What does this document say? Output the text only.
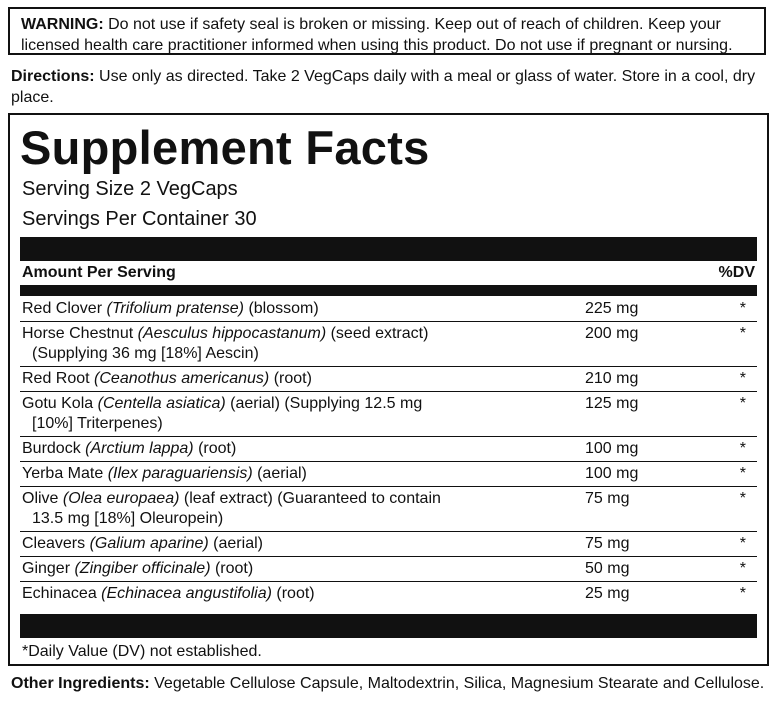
WARNING: Do not use if safety seal is broken or missing. Keep out of reach of children. Keep your licensed health care practitioner informed when using this product. Do not use if pregnant or nursing.
Directions: Use only as directed. Take 2 VegCaps daily with a meal or glass of water. Store in a cool, dry place.
Supplement Facts
Serving Size 2 VegCaps
Servings Per Container 30
Amount Per Serving	%DV
Red Clover (Trifolium pratense) (blossom)	225 mg	*
Horse Chestnut (Aesculus hippocastanum) (seed extract)
(Supplying 36 mg [18%] Aescin)
200 mg	*
Red Root (Ceanothus americanus) (root)	210 mg	*
Gotu Kola (Centella asiatica) (aerial) (Supplying 12.5 mg
[10%] Triterpenes)
125 mg	*
Burdock (Arctium lappa) (root)	100 mg	*
Yerba Mate (Ilex paraguariensis) (aerial)	100 mg	*
Olive (Olea europaea) (leaf extract) (Guaranteed to contain
13.5 mg [18%] Oleuropein)
75 mg	*
Cleavers (Galium aparine) (aerial)	75 mg	*
Ginger (Zingiber officinale) (root)	50 mg	*
Echinacea (Echinacea angustifolia) (root)	25 mg	*
*Daily Value (DV) not established.
Other Ingredients: Vegetable Cellulose Capsule, Maltodextrin, Silica, Magnesium Stearate and Cellulose.
